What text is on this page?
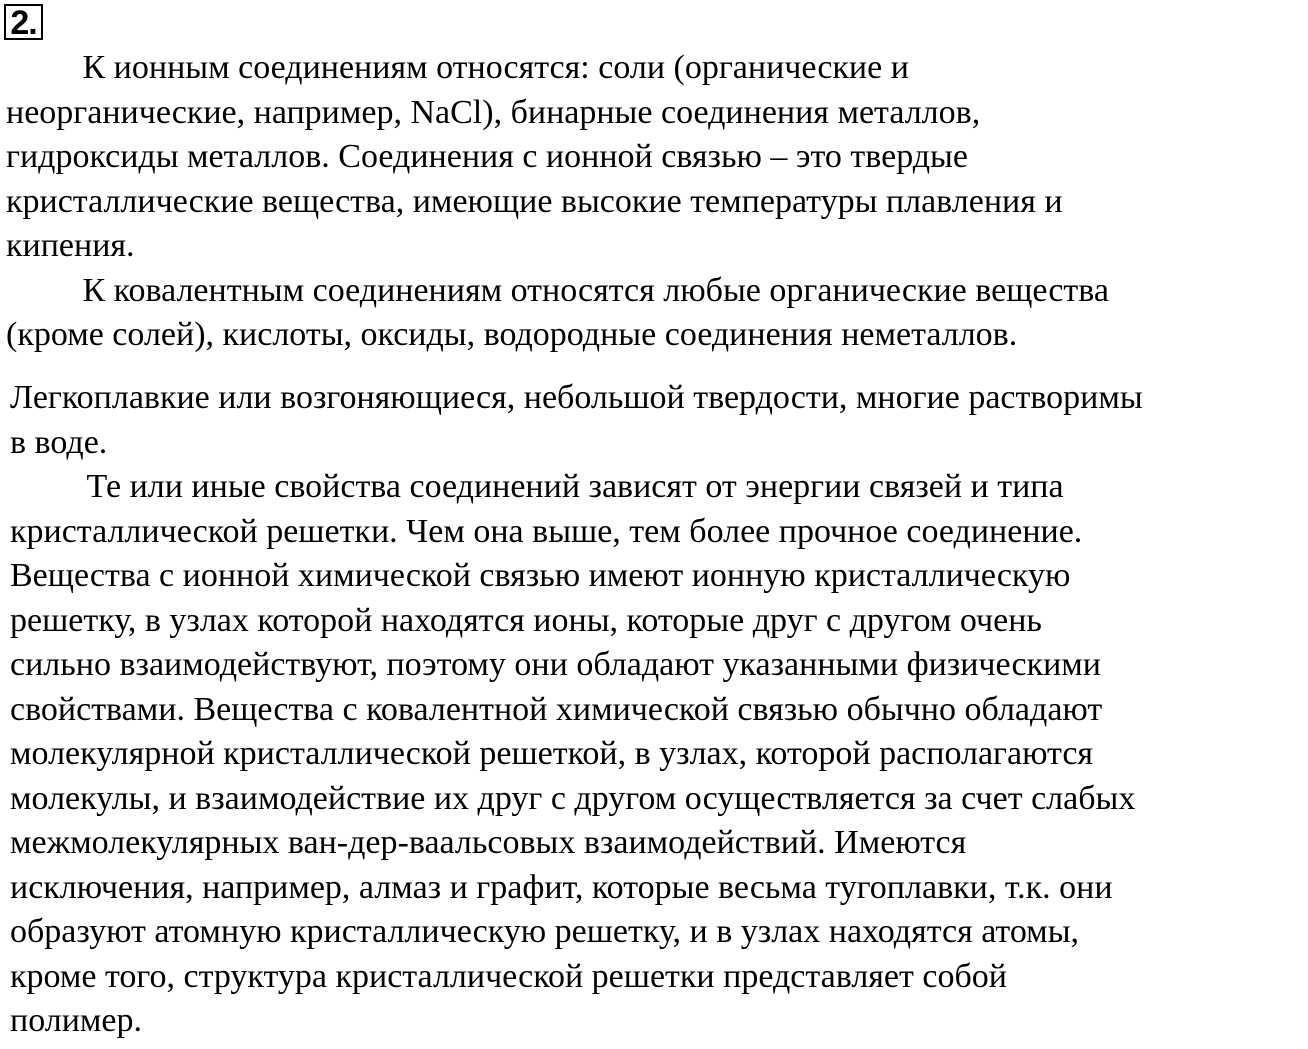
2.
К ионным соединениям относятся: соли (органические и
неорганические, например, NaCl), бинарные соединения металлов,
гидроксиды металлов. Соединения с ионной связью – это твердые
кристаллические вещества, имеющие высокие температуры плавления и
кипения.
К ковалентным соединениям относятся любые органические вещества
(кроме солей), кислоты, оксиды, водородные соединения неметаллов.
Легкоплавкие или возгоняющиеся, небольшой твердости, многие растворимы
в воде.
Те или иные свойства соединений зависят от энергии связей и типа
кристаллической решетки. Чем она выше, тем более прочное соединение.
Вещества с ионной химической связью имеют ионную кристаллическую
решетку, в узлах которой находятся ионы, которые друг с другом очень
сильно взаимодействуют, поэтому они обладают указанными физическими
свойствами. Вещества с ковалентной химической связью обычно обладают
молекулярной кристаллической решеткой, в узлах, которой располагаются
молекулы, и взаимодействие их друг с другом осуществляется за счет слабых
межмолекулярных ван-дер-ваальсовых взаимодействий. Имеются
исключения, например, алмаз и графит, которые весьма тугоплавки, т.к. они
образуют атомную кристаллическую решетку, и в узлах находятся атомы,
кроме того, структура кристаллической решетки представляет собой
полимер.
